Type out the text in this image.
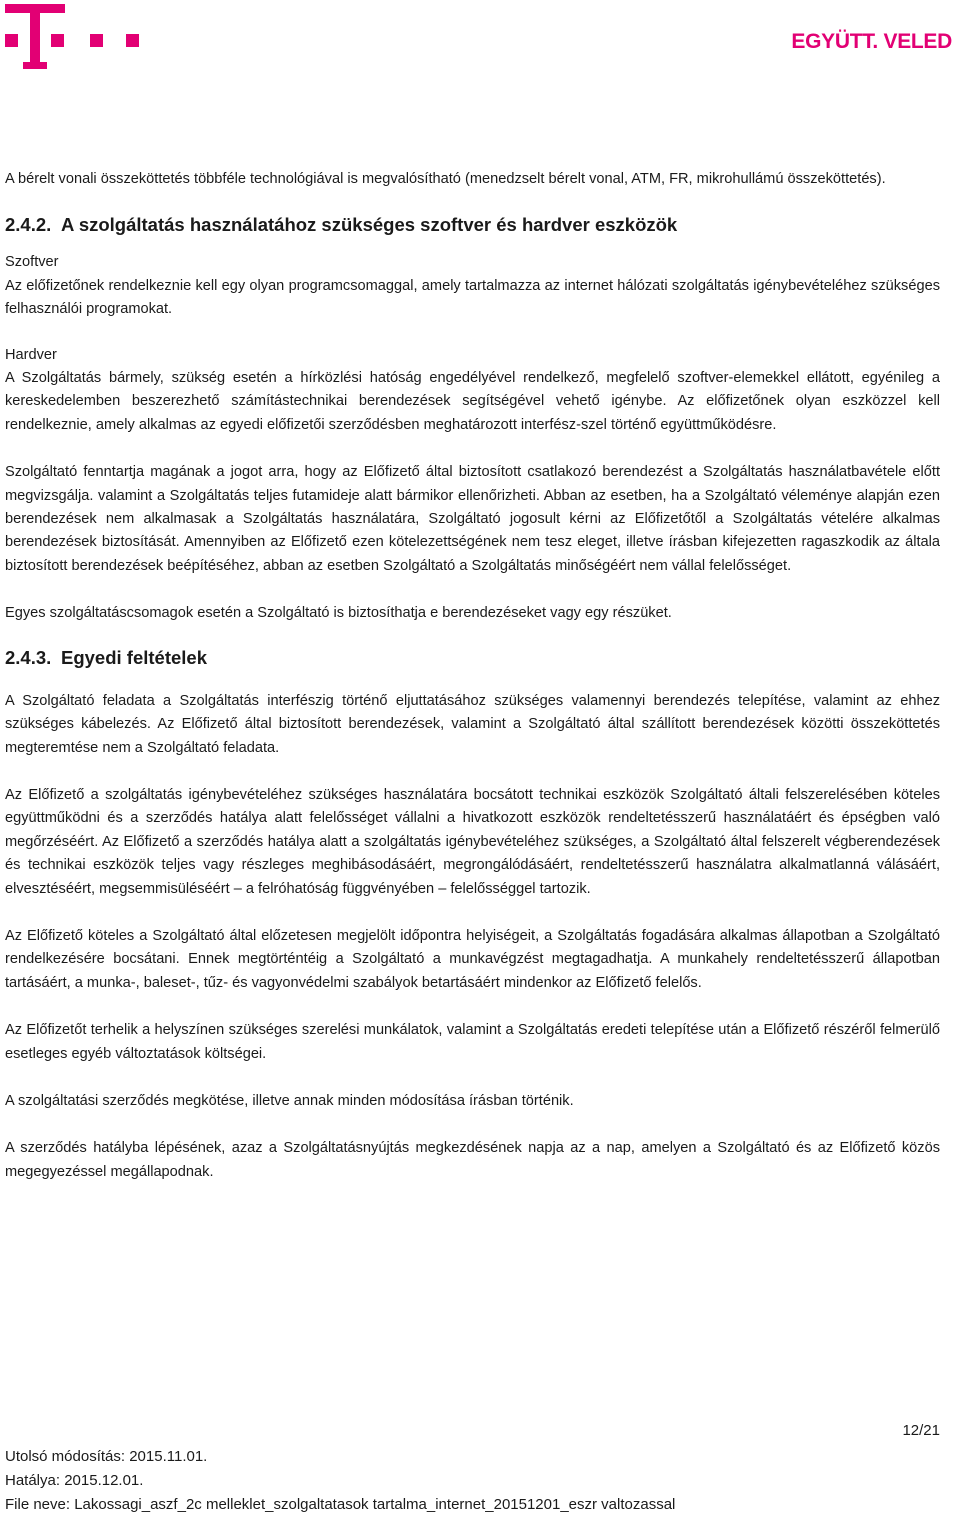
EGYÜTT. VELED

A bérelt vonali összeköttetés többféle technológiával is megvalósítható (menedzselt bérelt vonal, ATM, FR, mikrohullámú összeköttetés).

2.4.2. A szolgáltatás használatához szükséges szoftver és hardver eszközök

Szoftver

Az előfizetőnek rendelkeznie kell egy olyan programcsomaggal, amely tartalmazza az internet hálózati szolgáltatás igénybevételéhez szükséges felhasználói programokat.

Hardver

A Szolgáltatás bármely, szükség esetén a hírközlési hatóság engedélyével rendelkező, megfelelő szoftver-elemekkel ellátott, egyénileg a kereskedelemben beszerezhető számítástechnikai berendezések segítségével vehető igénybe. Az előfizetőnek olyan eszközzel kell rendelkeznie, amely alkalmas az egyedi előfizetői szerződésben meghatározott interfész-szel történő együttműködésre.

Szolgáltató fenntartja magának a jogot arra, hogy az Előfizető által biztosított csatlakozó berendezést a Szolgáltatás használatbavétele előtt megvizsgálja. valamint a Szolgáltatás teljes futamideje alatt bármikor ellenőrizheti. Abban az esetben, ha a Szolgáltató véleménye alapján ezen berendezések nem alkalmasak a Szolgáltatás használatára, Szolgáltató jogosult kérni az Előfizetőtől a Szolgáltatás vételére alkalmas berendezések biztosítását. Amennyiben az Előfizető ezen kötelezettségének nem tesz eleget, illetve írásban kifejezetten ragaszkodik az általa biztosított berendezések beépítéséhez, abban az esetben Szolgáltató a Szolgáltatás minőségéért nem vállal felelősséget.

Egyes szolgáltatáscsomagok esetén a Szolgáltató is biztosíthatja e berendezéseket vagy egy részüket.

2.4.3. Egyedi feltételek

A Szolgáltató feladata a Szolgáltatás interfészig történő eljuttatásához szükséges valamennyi berendezés telepítése, valamint az ehhez szükséges kábelezés. Az Előfizető által biztosított berendezések, valamint a Szolgáltató által szállított berendezések közötti összeköttetés megteremtése nem a Szolgáltató feladata.

Az Előfizető a szolgáltatás igénybevételéhez szükséges használatára bocsátott technikai eszközök Szolgáltató általi felszerelésében köteles együttműködni és a szerződés hatálya alatt felelősséget vállalni a hivatkozott eszközök rendeltetésszerű használatáért és épségben való megőrzéséért. Az Előfizető a szerződés hatálya alatt a szolgáltatás igénybevételéhez szükséges, a Szolgáltató által felszerelt végberendezések és technikai eszközök teljes vagy részleges meghibásodásáért, megrongálódásáért, rendeltetésszerű használatra alkalmatlanná válásáért, elvesztéséért, megsemmisüléséért – a felróhatóság függvényében – felelősséggel tartozik.

Az Előfizető köteles a Szolgáltató által előzetesen megjelölt időpontra helyiségeit, a Szolgáltatás fogadására alkalmas állapotban a Szolgáltató rendelkezésére bocsátani. Ennek megtörténtéig a Szolgáltató a munkavégzést megtagadhatja. A munkahely rendeltetésszerű állapotban tartásáért, a munka-, baleset-, tűz- és vagyonvédelmi szabályok betartásáért mindenkor az Előfizető felelős.

Az Előfizetőt terhelik a helyszínen szükséges szerelési munkálatok, valamint a Szolgáltatás eredeti telepítése után a Előfizető részéről felmerülő esetleges egyéb változtatások költségei.

A szolgáltatási szerződés megkötése, illetve annak minden módosítása írásban történik.

A szerződés hatályba lépésének, azaz a Szolgáltatásnyújtás megkezdésének napja az a nap, amelyen a Szolgáltató és az Előfizető közös megegyezéssel megállapodnak.

12/21
Utolsó módosítás: 2015.11.01.
Hatálya: 2015.12.01.
File neve: Lakossagi_aszf_2c melleklet_szolgaltatasok tartalma_internet_20151201_eszr valtozassal
